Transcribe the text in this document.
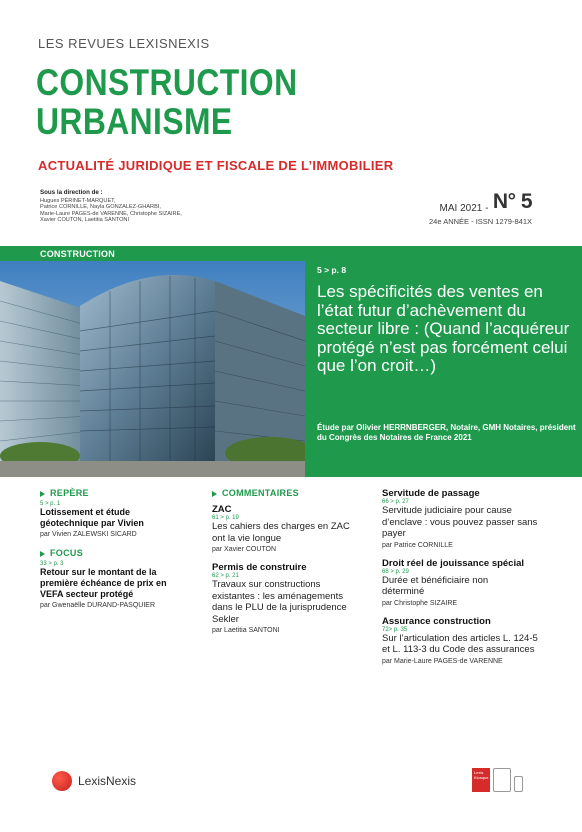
LES REVUES LEXISNEXIS
CONSTRUCTION
URBANISME
ACTUALITÉ JURIDIQUE ET FISCALE DE L’IMMOBILIER
Sous la direction de :
Hugues PÉRINET-MARQUET,
Patrice CORNILLE, Nayla GONZALEZ-GHARBI,
Marie-Laure PAGES-de VARENNE, Christophe SIZAIRE,
Xavier COUTON, Laetitia SANTONI
MAI 2021 - N° 5
24e ANNÉE - ISSN 1279-841X
CONSTRUCTION
5 > p. 8
Les spécificités des ventes en l’état futur d’achèvement du secteur libre : (Quand l’acquéreur protégé n’est pas forcément celui que l’on croit…)
Étude par Olivier HERRNBERGER, Notaire, GMH Notaires, président du Congrès des Notaires de France 2021
REPÈRE
5 > p. 1
Lotissement et étude géotechnique par Vivien
par Vivien ZALEWSKI SICARD
FOCUS
33 > p. 3
Retour sur le montant de la première échéance de prix en VEFA secteur protégé
par Gwenaëlle DURAND-PASQUIER
COMMENTAIRES
ZAC
61 > p. 19
Les cahiers des charges en ZAC ont la vie longue
par Xavier COUTON
Permis de construire
62 > p. 21
Travaux sur constructions existantes : les aménagements dans le PLU de la jurisprudence Sekler
par Laetitia SANTONI
Servitude de passage
66 > p. 27
Servitude judiciaire pour cause d’enclave : vous pouvez passer sans payer
par Patrice CORNILLE
Droit réel de jouissance spécial
68 > p. 29
Durée et bénéficiaire non déterminé
par Christophe SIZAIRE
Assurance construction
72> p. 35
Sur l’articulation des articles L. 124-5 et L. 113-3 du Code des assurances
par Marie-Laure PAGES-de VARENNE
LexisNexis
Lexis Kiosque
